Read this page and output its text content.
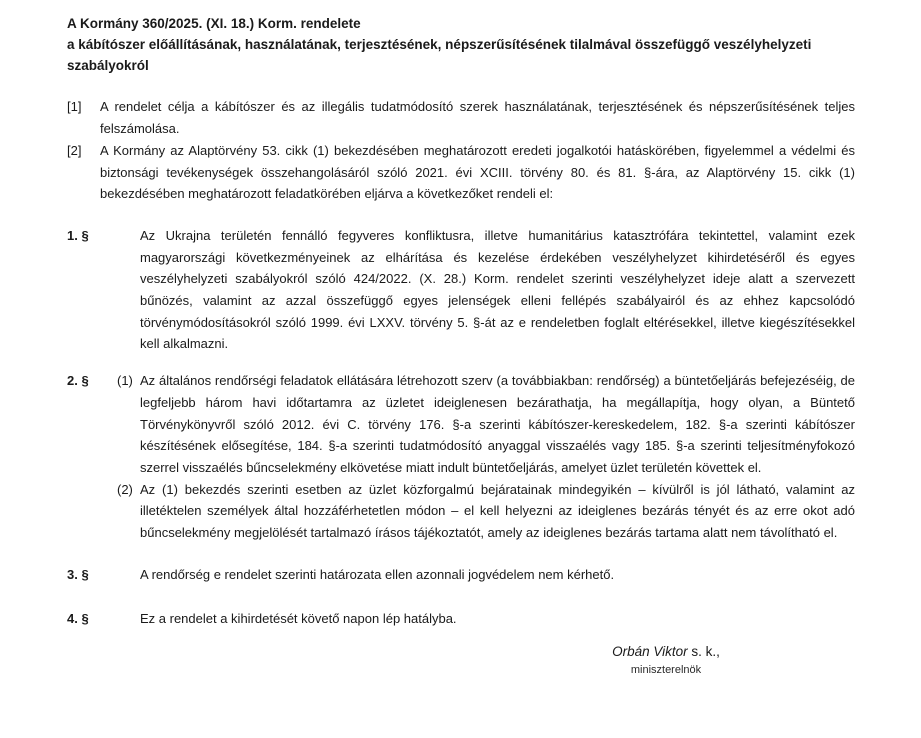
A Kormány 360/2025. (XI. 18.) Korm. rendelete
a kábítószer előállításának, használatának, terjesztésének, népszerűsítésének tilalmával összefüggő veszélyhelyzeti szabályokról
[1] A rendelet célja a kábítószer és az illegális tudatmódosító szerek használatának, terjesztésének és népszerűsítésének teljes felszámolása.
[2] A Kormány az Alaptörvény 53. cikk (1) bekezdésében meghatározott eredeti jogalkotói hatáskörében, figyelemmel a védelmi és biztonsági tevékenységek összehangolásáról szóló 2021. évi XCIII. törvény 80. és 81. §-ára, az Alaptörvény 15. cikk (1) bekezdésében meghatározott feladatkörében eljárva a következőket rendeli el:
1. §	Az Ukrajna területén fennálló fegyveres konfliktusra, illetve humanitárius katasztrófára tekintettel, valamint ezek magyarországi következményeinek az elhárítása és kezelése érdekében veszélyhelyzet kihirdetéséről és egyes veszélyhelyzeti szabályokról szóló 424/2022. (X. 28.) Korm. rendelet szerinti veszélyhelyzet ideje alatt a szervezett bűnözés, valamint az azzal összefüggő egyes jelenségek elleni fellépés szabályairól és az ehhez kapcsolódó törvénymódosításokról szóló 1999. évi LXXV. törvény 5. §-át az e rendeletben foglalt eltérésekkel, illetve kiegészítésekkel kell alkalmazni.
2. § (1) Az általános rendőrségi feladatok ellátására létrehozott szerv (a továbbiakban: rendőrség) a büntetőeljárás befejezéséig, de legfeljebb három havi időtartamra az üzletet ideiglenesen bezárathatja, ha megállapítja, hogy olyan, a Büntető Törvénykönyvről szóló 2012. évi C. törvény 176. §-a szerinti kábítószer-kereskedelem, 182. §-a szerinti kábítószer készítésének elősegítése, 184. §-a szerinti tudatmódosító anyaggal visszaélés vagy 185. §-a szerinti teljesítményfokozó szerrel visszaélés bűncselekmény elkövetése miatt indult büntetőeljárás, amelyet üzlet területén követtek el.
(2) Az (1) bekezdés szerinti esetben az üzlet közforgalmú bejáratainak mindegyikén – kívülről is jól látható, valamint az illetéktelen személyek által hozzáférhetetlen módon – el kell helyezni az ideiglenes bezárás tényét és az erre okot adó bűncselekmény megjelölését tartalmazó írásos tájékoztatót, amely az ideiglenes bezárás tartama alatt nem távolítható el.
3. §	A rendőrség e rendelet szerinti határozata ellen azonnali jogvédelem nem kérhető.
4. §	Ez a rendelet a kihirdetését követő napon lép hatályba.
Orbán Viktor s. k.,
miniszterelnök
